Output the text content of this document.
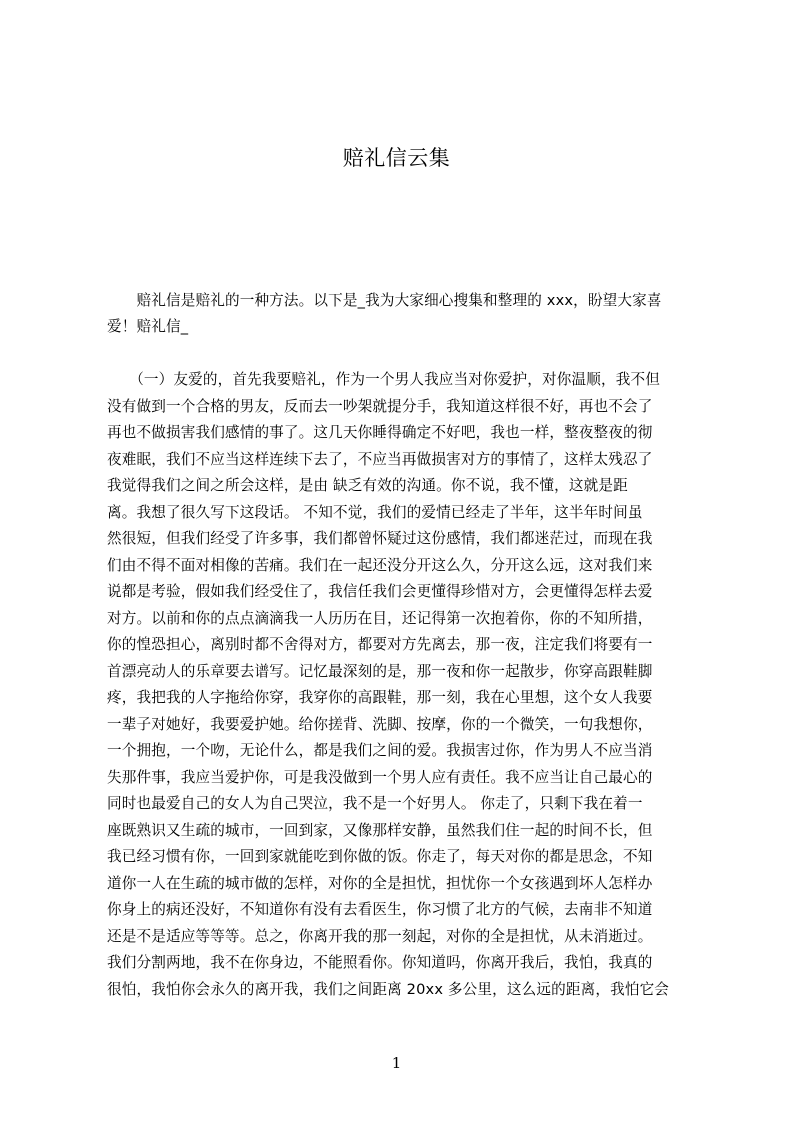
赔礼信云集
　　赔礼信是赔礼的一种方法。以下是_我为大家细心搜集和整理的 xxx，盼望大家喜
爱！赔礼信_
　　（一）友爱的，首先我要赔礼，作为一个男人我应当对你爱护，对你温顺，我不但
没有做到一个合格的男友，反而去一吵架就提分手，我知道这样很不好，再也不会了
再也不做损害我们感情的事了。这几天你睡得确定不好吧，我也一样，整夜整夜的彻
夜难眠，我们不应当这样连续下去了，不应当再做损害对方的事情了，这样太残忍了
我觉得我们之间之所会这样，是由 缺乏有效的沟通。你不说，我不懂，这就是距
离。我想了很久写下这段话。 不知不觉，我们的爱情已经走了半年，这半年时间虽
然很短，但我们经受了许多事，我们都曾怀疑过这份感情，我们都迷茫过，而现在我
们由不得不面对相像的苦痛。我们在一起还没分开这么久，分开这么远，这对我们来
说都是考验，假如我们经受住了，我信任我们会更懂得珍惜对方，会更懂得怎样去爱
对方。以前和你的点点滴滴我一人历历在目，还记得第一次抱着你，你的不知所措，
你的惶恐担心，离别时都不舍得对方，都要对方先离去，那一夜，注定我们将要有一
首漂亮动人的乐章要去谱写。记忆最深刻的是，那一夜和你一起散步，你穿高跟鞋脚
疼，我把我的人字拖给你穿，我穿你的高跟鞋，那一刻，我在心里想，这个女人我要
一辈子对她好，我要爱护她。给你搓背、洗脚、按摩，你的一个微笑，一句我想你，
一个拥抱，一个吻，无论什么，都是我们之间的爱。我损害过你，作为男人不应当消
失那件事，我应当爱护你，可是我没做到一个男人应有责任。我不应当让自己最心的
同时也最爱自己的女人为自己哭泣，我不是一个好男人。 你走了，只剩下我在着一
座既熟识又生疏的城市，一回到家，又像那样安静，虽然我们住一起的时间不长，但
我已经习惯有你，一回到家就能吃到你做的饭。你走了，每天对你的都是思念，不知
道你一人在生疏的城市做的怎样，对你的全是担忧，担忧你一个女孩遇到坏人怎样办
你身上的病还没好，不知道你有没有去看医生，你习惯了北方的气候，去南非不知道
还是不是适应等等等。总之，你离开我的那一刻起，对你的全是担忧，从未消逝过。
我们分割两地，我不在你身边，不能照看你。你知道吗，你离开我后，我怕，我真的
很怕，我怕你会永久的离开我，我们之间距离 20xx 多公里，这么远的距离，我怕它会
1
